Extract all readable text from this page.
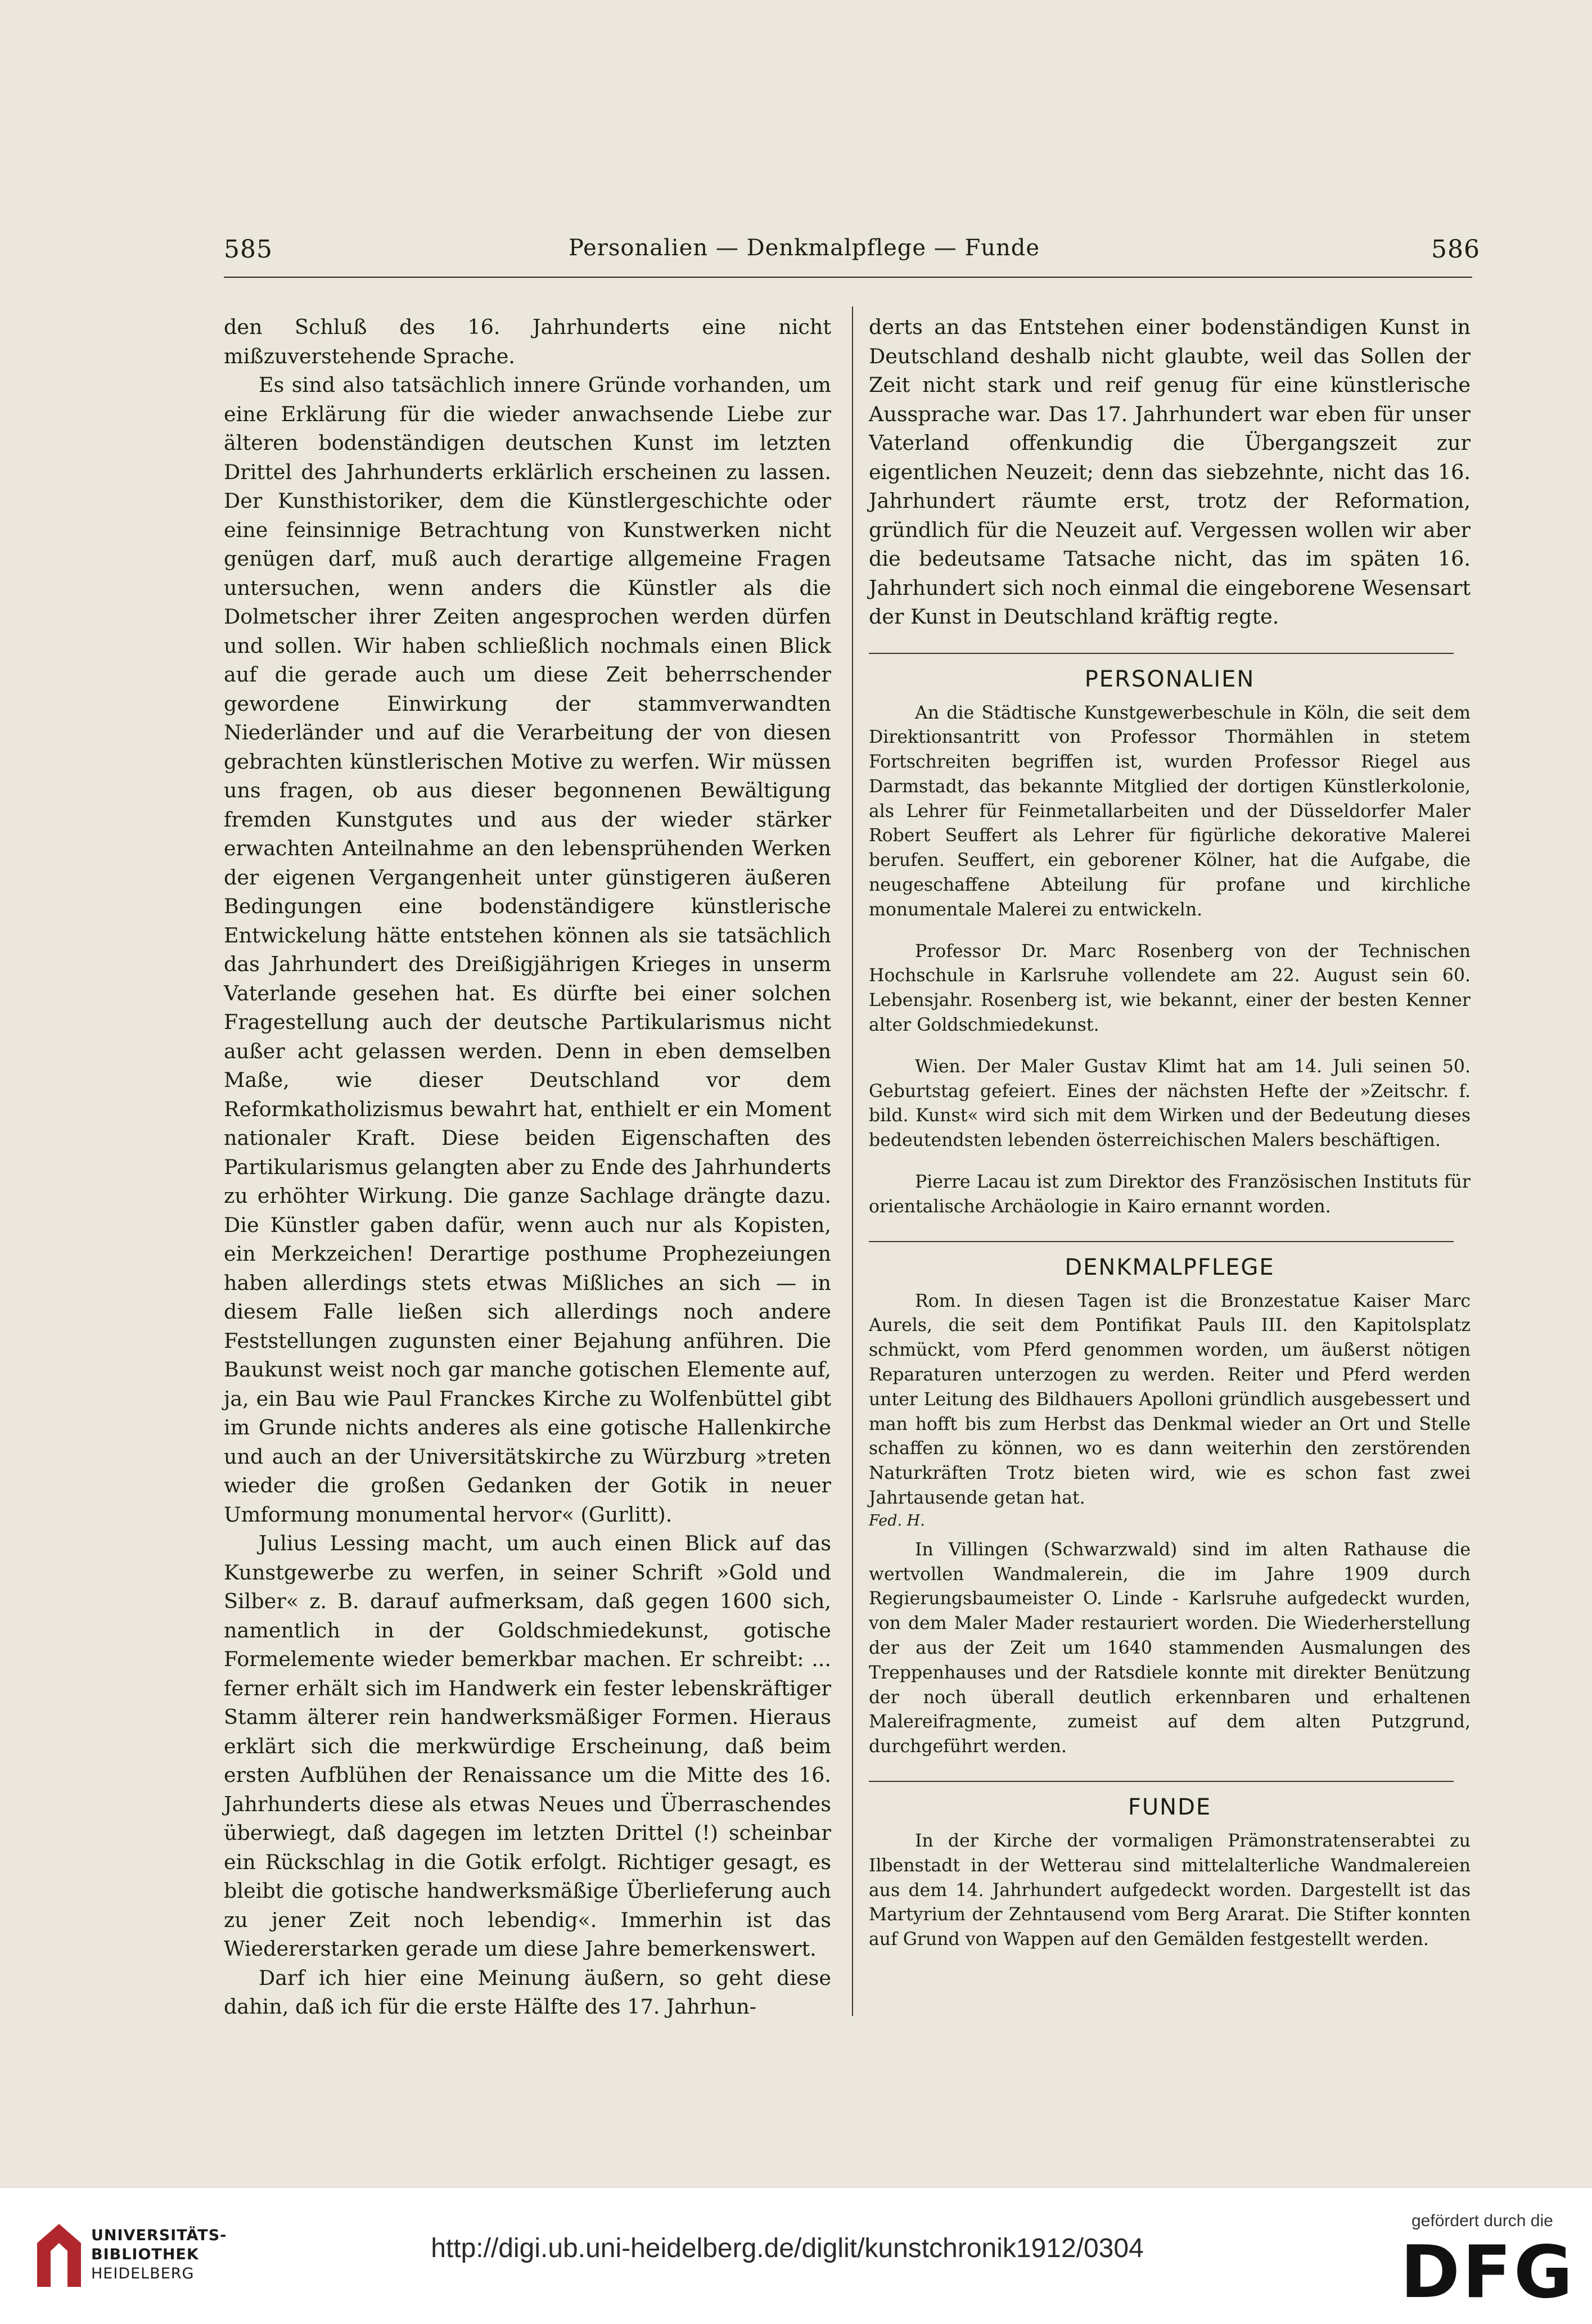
585	Personalien — Denkmalpflege — Funde	586

den Schluß des 16. Jahrhunderts eine nicht mißzuverstehende Sprache.

Es sind also tatsächlich innere Gründe vorhanden, um eine Erklärung für die wieder anwachsende Liebe zur älteren bodenständigen deutschen Kunst im letzten Drittel des Jahrhunderts erklärlich erscheinen zu lassen. Der Kunsthistoriker, dem die Künstlergeschichte oder eine feinsinnige Betrachtung von Kunstwerken nicht genügen darf, muß auch derartige allgemeine Fragen untersuchen, wenn anders die Künstler als die Dolmetscher ihrer Zeiten angesprochen werden dürfen und sollen. Wir haben schließlich nochmals einen Blick auf die gerade auch um diese Zeit beherrschender gewordene Einwirkung der stammverwandten Niederländer und auf die Verarbeitung der von diesen gebrachten künstlerischen Motive zu werfen. Wir müssen uns fragen, ob aus dieser begonnenen Bewältigung fremden Kunstgutes und aus der wieder stärker erwachten Anteilnahme an den lebensprühenden Werken der eigenen Vergangenheit unter günstigeren äußeren Bedingungen eine bodenständigere künstlerische Entwickelung hätte entstehen können als sie tatsächlich das Jahrhundert des Dreißigjährigen Krieges in unserm Vaterlande gesehen hat. Es dürfte bei einer solchen Fragestellung auch der deutsche Partikularismus nicht außer acht gelassen werden. Denn in eben demselben Maße, wie dieser Deutschland vor dem Reformkatholizismus bewahrt hat, enthielt er ein Moment nationaler Kraft. Diese beiden Eigenschaften des Partikularismus gelangten aber zu Ende des Jahrhunderts zu erhöhter Wirkung. Die ganze Sachlage drängte dazu. Die Künstler gaben dafür, wenn auch nur als Kopisten, ein Merkzeichen! Derartige posthume Prophezeiungen haben allerdings stets etwas Mißliches an sich — in diesem Falle ließen sich allerdings noch andere Feststellungen zugunsten einer Bejahung anführen. Die Baukunst weist noch gar manche gotischen Elemente auf, ja, ein Bau wie Paul Franckes Kirche zu Wolfenbüttel gibt im Grunde nichts anderes als eine gotische Hallenkirche und auch an der Universitätskirche zu Würzburg »treten wieder die großen Gedanken der Gotik in neuer Umformung monumental hervor« (Gurlitt).

Julius Lessing macht, um auch einen Blick auf das Kunstgewerbe zu werfen, in seiner Schrift »Gold und Silber« z. B. darauf aufmerksam, daß gegen 1600 sich, namentlich in der Goldschmiedekunst, gotische Formelemente wieder bemerkbar machen. Er schreibt: ... ferner erhält sich im Handwerk ein fester lebenskräftiger Stamm älterer rein handwerksmäßiger Formen. Hieraus erklärt sich die merkwürdige Erscheinung, daß beim ersten Aufblühen der Renaissance um die Mitte des 16. Jahrhunderts diese als etwas Neues und Überraschendes überwiegt, daß dagegen im letzten Drittel (!) scheinbar ein Rückschlag in die Gotik erfolgt. Richtiger gesagt, es bleibt die gotische handwerksmäßige Überlieferung auch zu jener Zeit noch lebendig«. Immerhin ist das Wiedererstarken gerade um diese Jahre bemerkenswert.

Darf ich hier eine Meinung äußern, so geht diese dahin, daß ich für die erste Hälfte des 17. Jahrhun-

derts an das Entstehen einer bodenständigen Kunst in Deutschland deshalb nicht glaubte, weil das Sollen der Zeit nicht stark und reif genug für eine künstlerische Aussprache war. Das 17. Jahrhundert war eben für unser Vaterland offenkundig die Übergangszeit zur eigentlichen Neuzeit; denn das siebzehnte, nicht das 16. Jahrhundert räumte erst, trotz der Reformation, gründlich für die Neuzeit auf. Vergessen wollen wir aber die bedeutsame Tatsache nicht, das im späten 16. Jahrhundert sich noch einmal die eingeborene Wesensart der Kunst in Deutschland kräftig regte.

PERSONALIEN

An die Städtische Kunstgewerbeschule in Köln, die seit dem Direktionsantritt von Professor Thormählen in stetem Fortschreiten begriffen ist, wurden Professor Riegel aus Darmstadt, das bekannte Mitglied der dortigen Künstlerkolonie, als Lehrer für Feinmetallarbeiten und der Düsseldorfer Maler Robert Seuffert als Lehrer für figürliche dekorative Malerei berufen. Seuffert, ein geborener Kölner, hat die Aufgabe, die neugeschaffene Abteilung für profane und kirchliche monumentale Malerei zu entwickeln.

Professor Dr. Marc Rosenberg von der Technischen Hochschule in Karlsruhe vollendete am 22. August sein 60. Lebensjahr. Rosenberg ist, wie bekannt, einer der besten Kenner alter Goldschmiedekunst.

Wien. Der Maler Gustav Klimt hat am 14. Juli seinen 50. Geburtstag gefeiert. Eines der nächsten Hefte der »Zeitschr. f. bild. Kunst« wird sich mit dem Wirken und der Bedeutung dieses bedeutendsten lebenden österreichischen Malers beschäftigen.

Pierre Lacau ist zum Direktor des Französischen Instituts für orientalische Archäologie in Kairo ernannt worden.

DENKMALPFLEGE

Rom. In diesen Tagen ist die Bronzestatue Kaiser Marc Aurels, die seit dem Pontifikat Pauls III. den Kapitolsplatz schmückt, vom Pferd genommen worden, um äußerst nötigen Reparaturen unterzogen zu werden. Reiter und Pferd werden unter Leitung des Bildhauers Apolloni gründlich ausgebessert und man hofft bis zum Herbst das Denkmal wieder an Ort und Stelle schaffen zu können, wo es dann weiterhin den zerstörenden Naturkräften Trotz bieten wird, wie es schon fast zwei Jahrtausende getan hat.

Fed. H.

In Villingen (Schwarzwald) sind im alten Rathause die wertvollen Wandmalerein, die im Jahre 1909 durch Regierungsbaumeister O. Linde - Karlsruhe aufgedeckt wurden, von dem Maler Mader restauriert worden. Die Wiederherstellung der aus der Zeit um 1640 stammenden Ausmalungen des Treppenhauses und der Ratsdiele konnte mit direkter Benützung der noch überall deutlich erkennbaren und erhaltenen Malereifragmente, zumeist auf dem alten Putzgrund, durchgeführt werden.

FUNDE

In der Kirche der vormaligen Prämonstratenserabtei zu Ilbenstadt in der Wetterau sind mittelalterliche Wandmalereien aus dem 14. Jahrhundert aufgedeckt worden. Dargestellt ist das Martyrium der Zehntausend vom Berg Ararat. Die Stifter konnten auf Grund von Wappen auf den Gemälden festgestellt werden.

UNIVERSITÄTS-
BIBLIOTHEK
HEIDELBERG
http://digi.ub.uni-heidelberg.de/diglit/kunstchronik1912/0304
gefördert durch die
DFG
